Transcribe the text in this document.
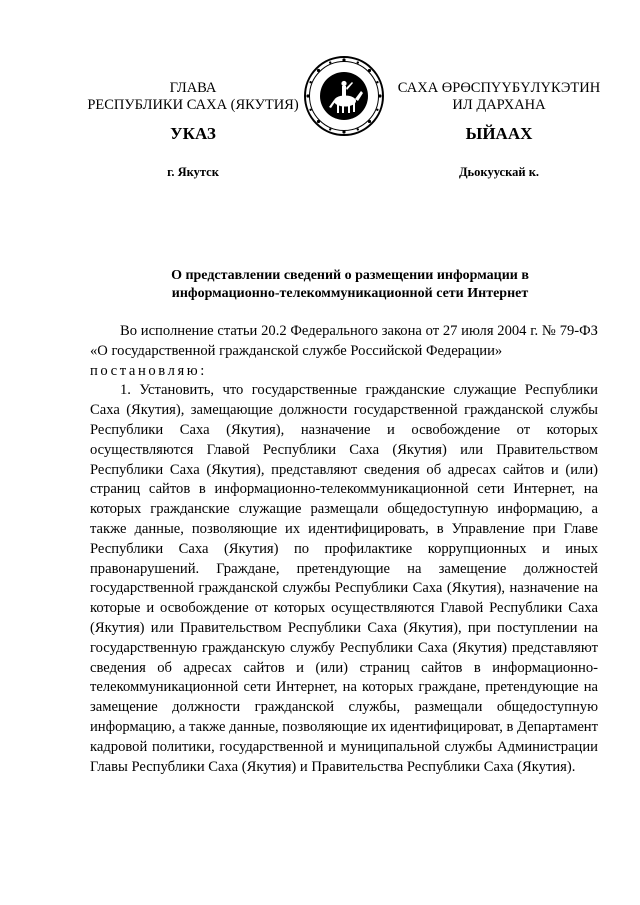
ГЛАВА
РЕСПУБЛИКИ САХА (ЯКУТИЯ)
САХА ӨРӨСПҮҮБҮЛҮКЭТИН
ИЛ ДАРХАНА
УКАЗ	ЫЙААХ
г. Якутск	Дьокуускай к.
О представлении сведений о размещении информации в
информационно-телекоммуникационной сети Интернет

Во исполнение статьи 20.2 Федерального закона от 27 июля 2004 г. № 79-ФЗ «О государственной гражданской службе Российской Федерации»

постановляю:

1. Установить, что государственные гражданские служащие Республики Саха (Якутия), замещающие должности государственной гражданской службы Республики Саха (Якутия), назначение и освобождение от которых осуществляются Главой Республики Саха (Якутия) или Правительством Республики Саха (Якутия), представляют сведения об адресах сайтов и (или) страниц сайтов в информационно-телекоммуникационной сети Интернет, на которых гражданские служащие размещали общедоступную информацию, а также данные, позволяющие их идентифицировать, в Управление при Главе Республики Саха (Якутия) по профилактике коррупционных и иных правонарушений. Граждане, претендующие на замещение должностей государственной гражданской службы Республики Саха (Якутия), назначение на которые и освобождение от которых осуществляются Главой Республики Саха (Якутия) или Правительством Республики Саха (Якутия), при поступлении на государственную гражданскую службу Республики Саха (Якутия) представляют сведения об адресах сайтов и (или) страниц сайтов в информационно-телекоммуникационной сети Интернет, на которых граждане, претендующие на замещение должности гражданской службы, размещали общедоступную информацию, а также данные, позволяющие их идентифицироват, в Департамент кадровой политики, государственной и муниципальной службы Администрации Главы Республики Саха (Якутия) и Правительства Республики Саха (Якутия).
